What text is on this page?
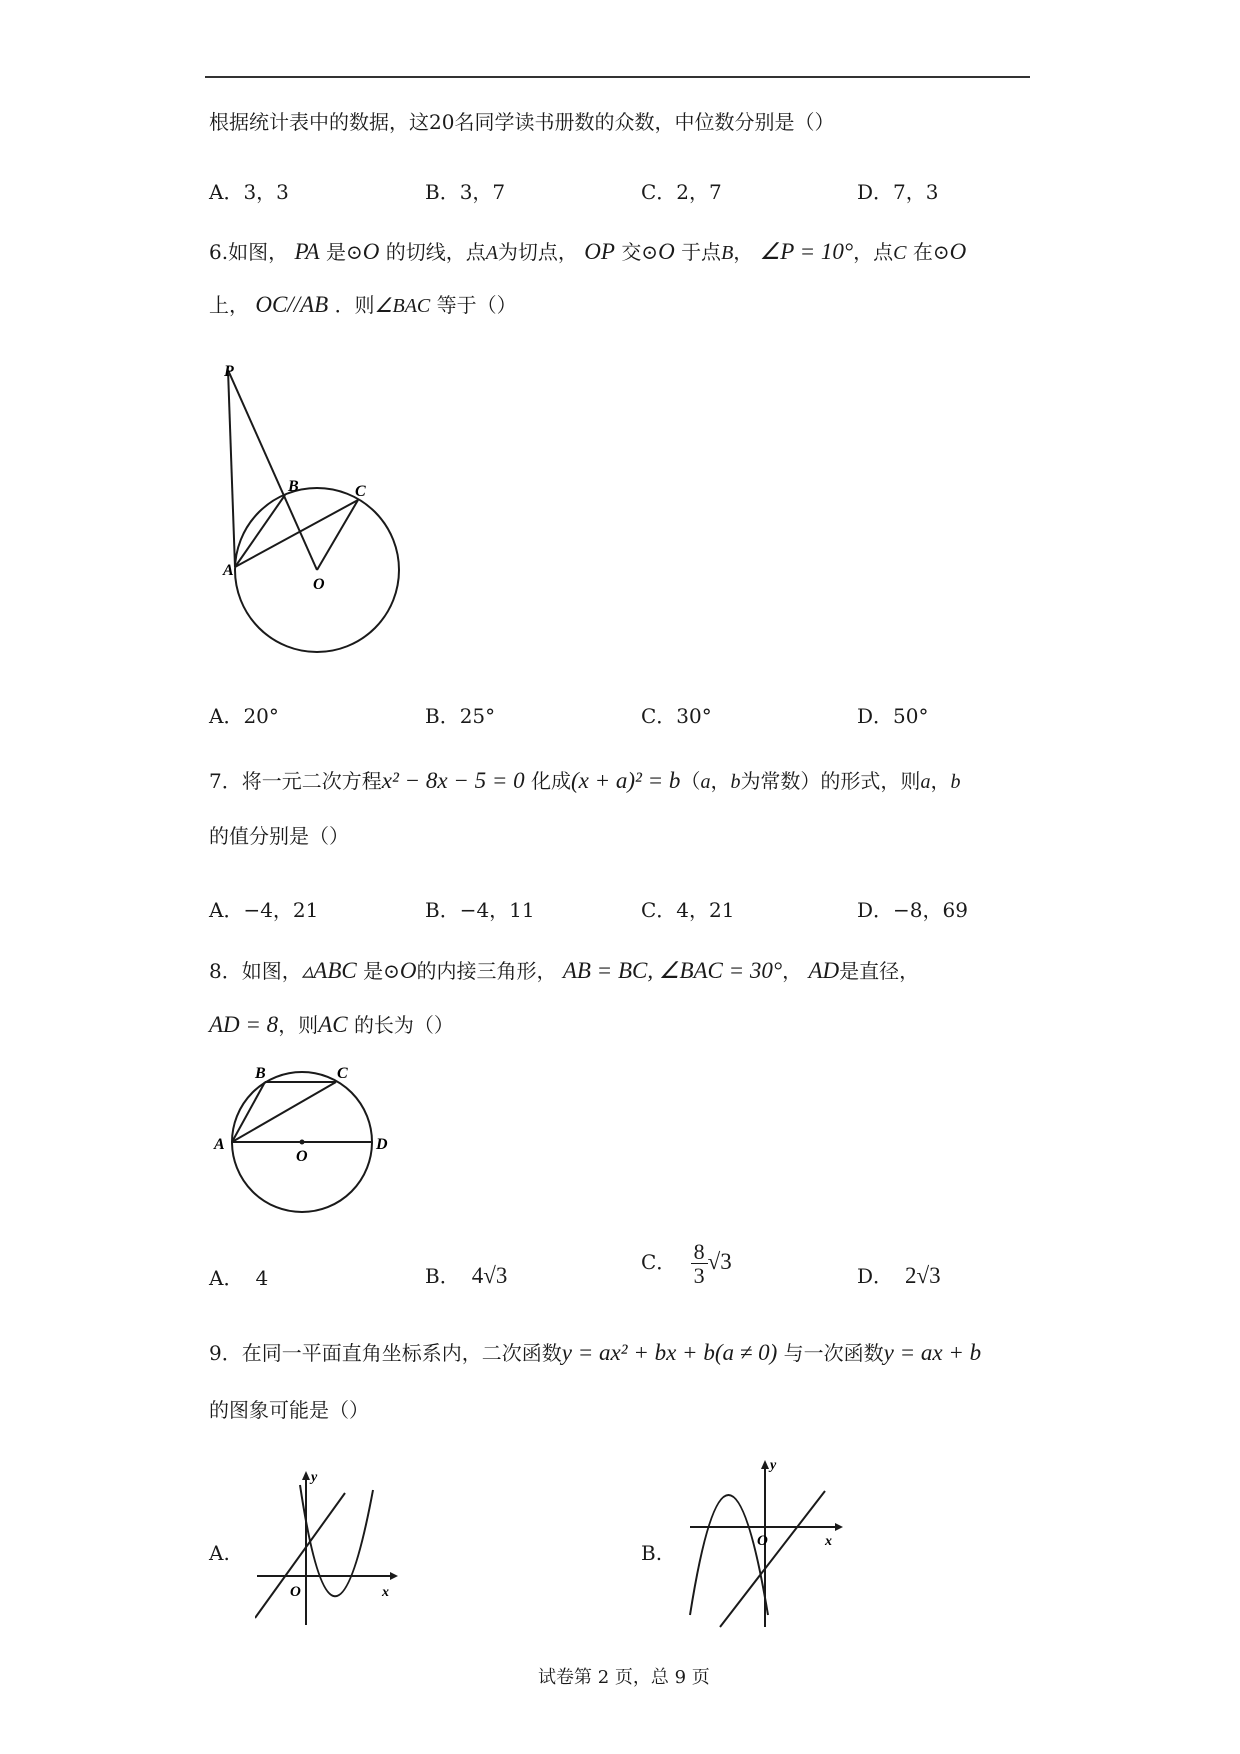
根据统计表中的数据，这20名同学读书册数的众数，中位数分别是（）
A．3，3	B．3，7	C．2，7	D．7，3
6.如图， PA 是⊙O 的切线，点A为切点， OP 交⊙O 于点B， ∠P = 10°，点C 在⊙O
上， OC//AB ．则∠BAC 等于（）
P
A
B	C
O
A．20°	B．25°	C．30°	D．50°
7．将一元二次方程x² − 8x − 5 = 0 化成(x + a)² = b（a，b为常数）的形式，则a，b
的值分别是（）
A．−4，21	B．−4，11	C．4，21	D．−8，69
8．如图，▵ABC 是⊙O的内接三角形， AB = BC, ∠BAC = 30°， AD是直径，
AD = 8，则AC 的长为（）
A
B	C
D
O
A． 4	B． 4√3
C． $\frac{8}{3} √3$
D． 2√3
9．在同一平面直角坐标系内，二次函数y = ax² + bx + b(a ≠ 0) 与一次函数y = ax + b
的图象可能是（）
A.
y
x
O
B.
y
x
O
试卷第 2 页，总 9 页
